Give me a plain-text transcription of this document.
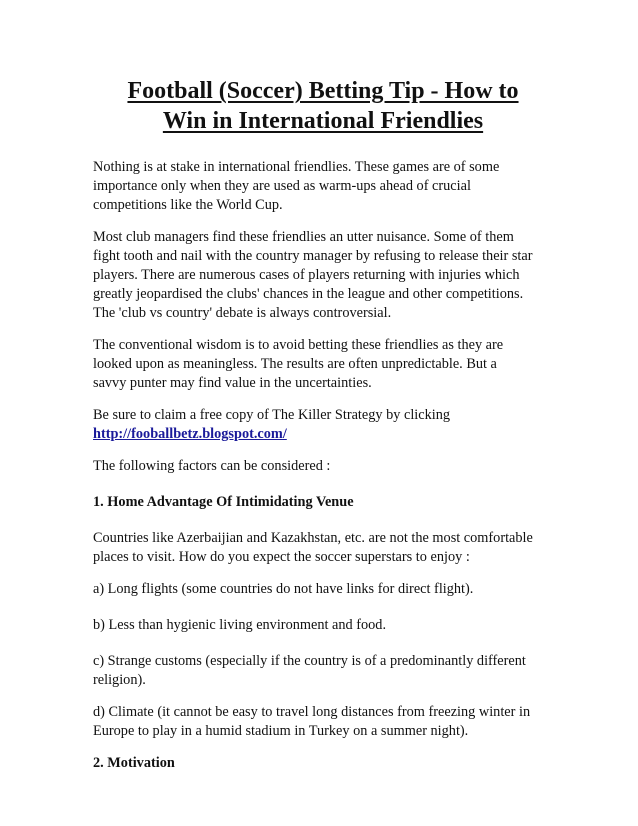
Football (Soccer) Betting Tip - How to
Win in International Friendlies

Nothing is at stake in international friendlies. These games are of some
importance only when they are used as warm-ups ahead of crucial
competitions like the World Cup.

Most club managers find these friendlies an utter nuisance. Some of them
fight tooth and nail with the country manager by refusing to release their star
players. There are numerous cases of players returning with injuries which
greatly jeopardised the clubs' chances in the league and other competitions.
The 'club vs country' debate is always controversial.

The conventional wisdom is to avoid betting these friendlies as they are
looked upon as meaningless. The results are often unpredictable. But a
savvy punter may find value in the uncertainties.

Be sure to claim a free copy of The Killer Strategy by clicking
http://fooballbetz.blogspot.com/

The following factors can be considered :

1. Home Advantage Of Intimidating Venue

Countries like Azerbaijian and Kazakhstan, etc. are not the most comfortable
places to visit. How do you expect the soccer superstars to enjoy :

a) Long flights (some countries do not have links for direct flight).

b) Less than hygienic living environment and food.

c) Strange customs (especially if the country is of a predominantly different
religion).

d) Climate (it cannot be easy to travel long distances from freezing winter in
Europe to play in a humid stadium in Turkey on a summer night).

2. Motivation
